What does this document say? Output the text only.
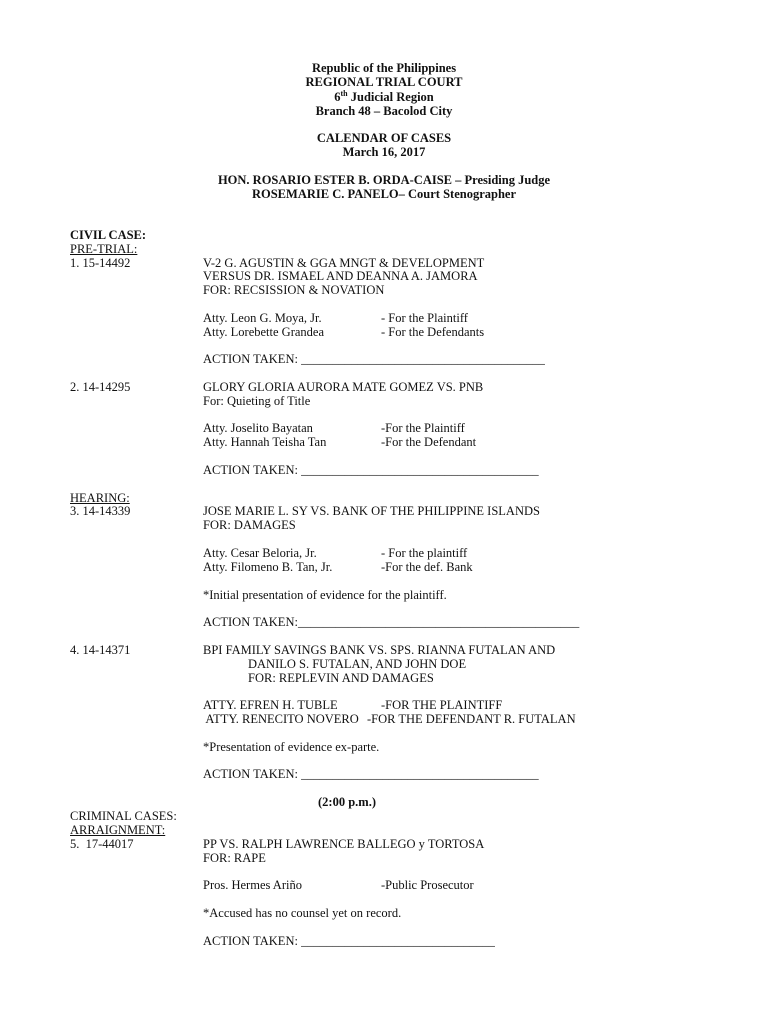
Republic of the Philippines
REGIONAL TRIAL COURT
6th Judicial Region
Branch 48 – Bacolod City
CALENDAR OF CASES
March 16, 2017
HON. ROSARIO ESTER B. ORDA-CAISE – Presiding Judge
ROSEMARIE C. PANELO– Court Stenographer
CIVIL CASE:
PRE-TRIAL:
1. 15-14492	V-2 G. AGUSTIN & GGA MNGT & DEVELOPMENT
VERSUS DR. ISMAEL AND DEANNA A. JAMORA
FOR: RECSISSION & NOVATION
Atty. Leon G. Moya, Jr.	- For the Plaintiff
Atty. Lorebette Grandea	- For the Defendants
ACTION TAKEN: _______________________________________
2. 14-14295	GLORY GLORIA AURORA MATE GOMEZ VS. PNB
For: Quieting of Title
Atty. Joselito Bayatan	-For the Plaintiff
Atty. Hannah Teisha Tan	-For the Defendant
ACTION TAKEN: ______________________________________
HEARING:
3. 14-14339	JOSE MARIE L. SY VS. BANK OF THE PHILIPPINE ISLANDS
FOR: DAMAGES
Atty. Cesar Beloria, Jr.	- For the plaintiff
Atty. Filomeno B. Tan, Jr.	-For the def. Bank
*Initial presentation of evidence for the plaintiff.
ACTION TAKEN:_____________________________________________
4. 14-14371	BPI FAMILY SAVINGS BANK VS. SPS. RIANNA FUTALAN AND
DANILO S. FUTALAN, AND JOHN DOE
FOR: REPLEVIN AND DAMAGES
ATTY. EFREN H. TUBLE	-FOR THE PLAINTIFF
ATTY. RENECITO NOVERO -FOR THE DEFENDANT R. FUTALAN
*Presentation of evidence ex-parte.
ACTION TAKEN: ______________________________________
(2:00 p.m.)
CRIMINAL CASES:
ARRAIGNMENT:
5.  17-44017	PP VS. RALPH LAWRENCE BALLEGO y TORTOSA
FOR: RAPE
Pros. Hermes Ariño	-Public Prosecutor
*Accused has no counsel yet on record.
ACTION TAKEN: _______________________________
